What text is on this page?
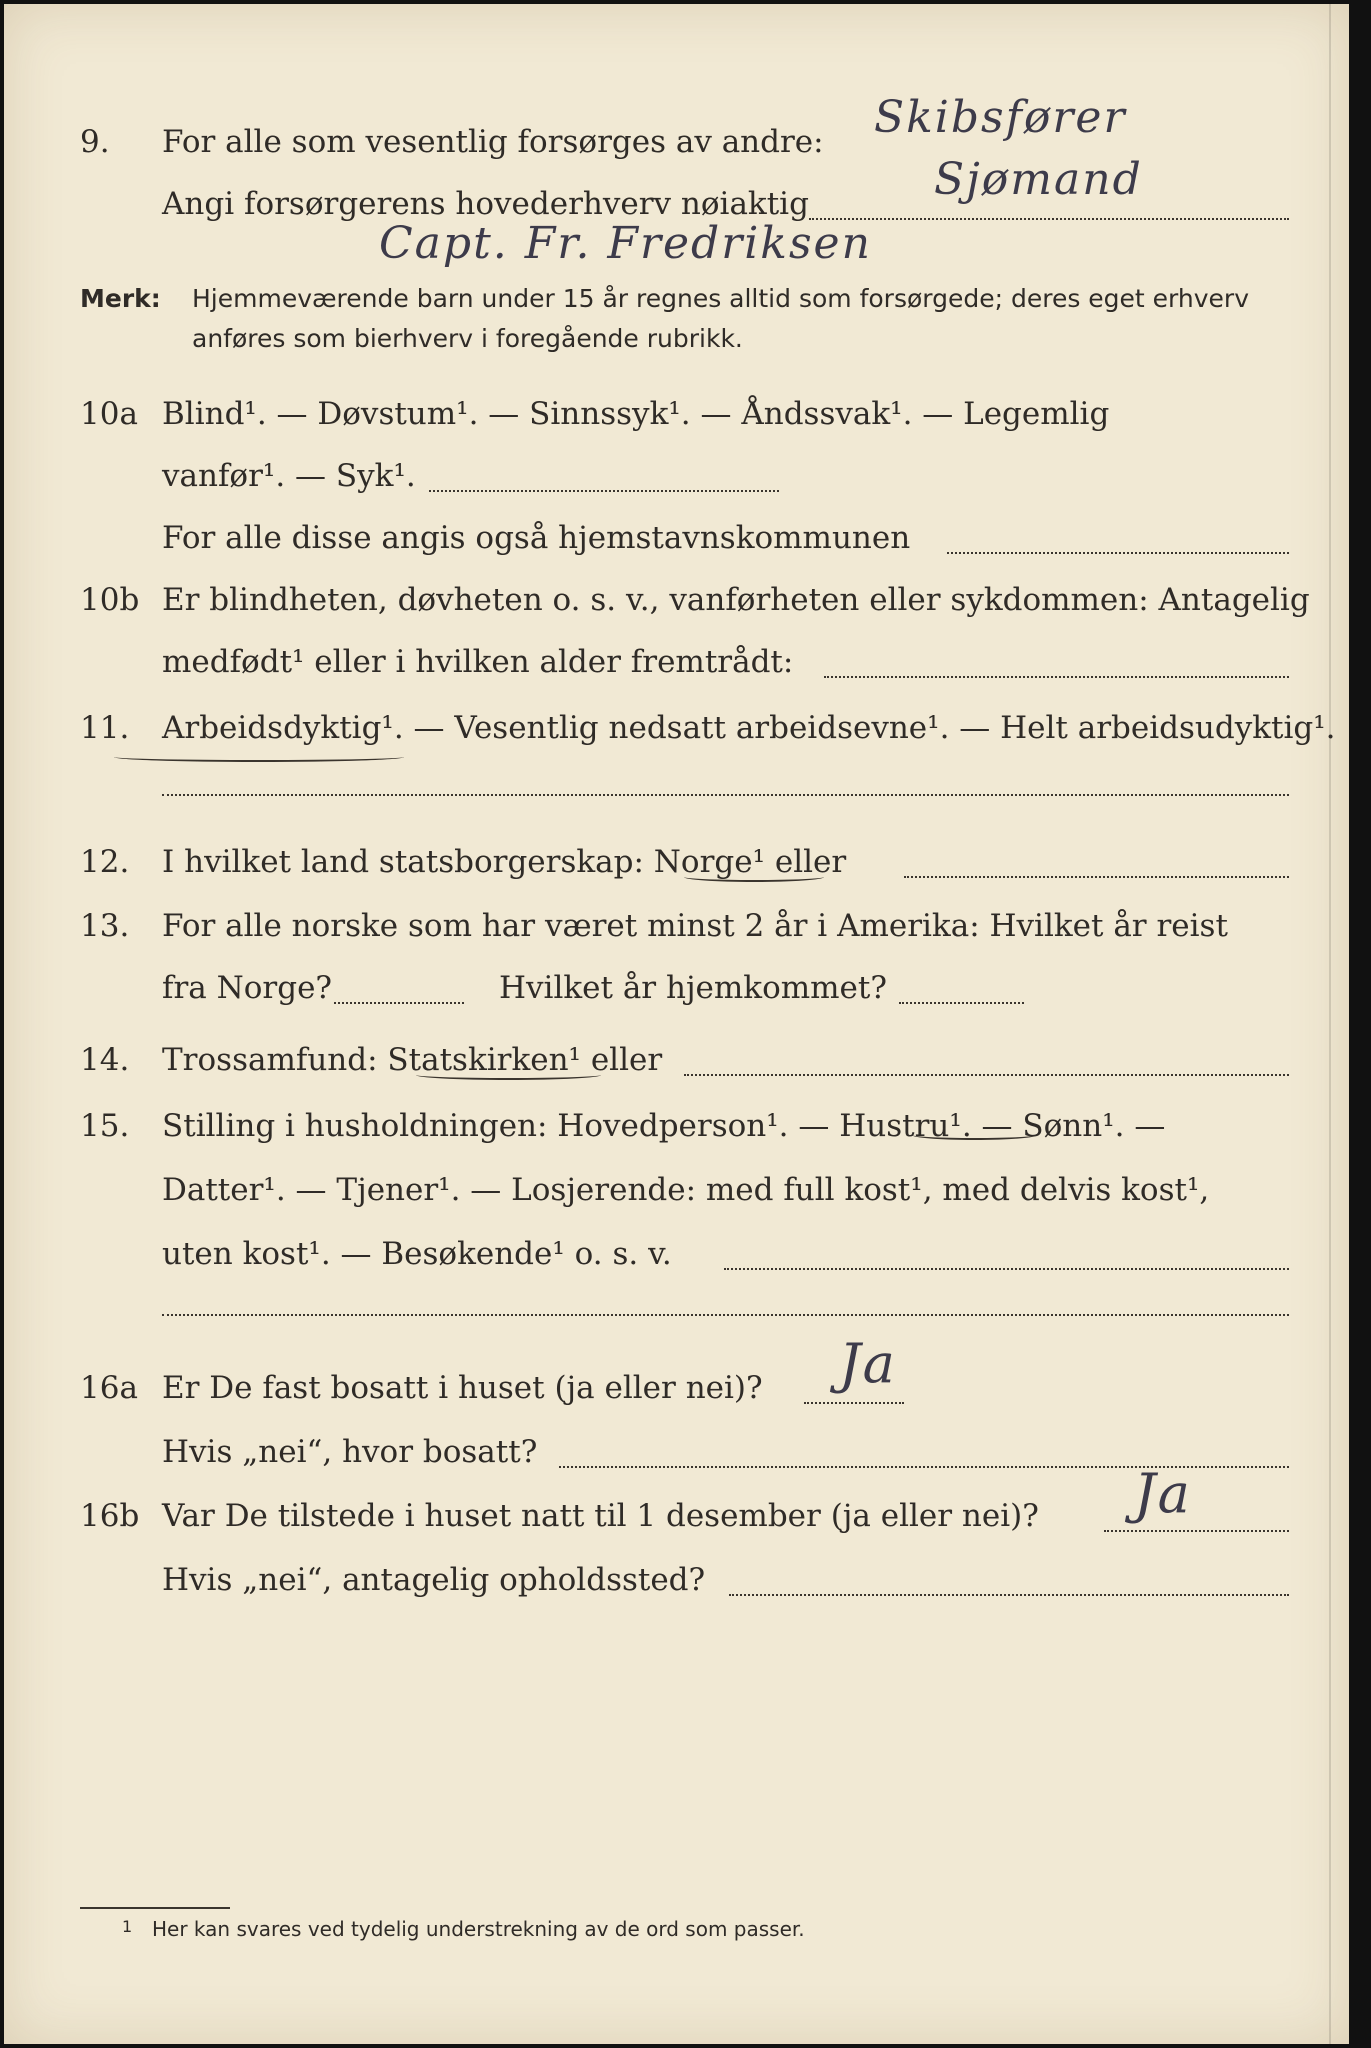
9. For alle som vesentlig forsørges av andre: Skibsfører
Angi forsørgerens hovederhverv nøiaktig	Sjømand
Capt. Fr. Fredriksen
Merk: Hjemmeværende barn under 15 år regnes alltid som forsørgede; deres eget erhverv
anføres som bierhverv i foregående rubrikk.
10a Blind¹. — Døvstum¹. — Sinnssyk¹. — Åndssvak¹. — Legemlig
vanfør¹. — Syk¹.
For alle disse angis også hjemstavnskommunen
10b Er blindheten, døvheten o. s. v., vanførheten eller sykdommen: Antagelig
medfødt¹ eller i hvilken alder fremtrådt:
11. Arbeidsdyktig¹. — Vesentlig nedsatt arbeidsevne¹. — Helt arbeidsudyktig¹.
12. I hvilket land statsborgerskap: Norge¹ eller
13. For alle norske som har været minst 2 år i Amerika: Hvilket år reist
fra Norge?	Hvilket år hjemkommet?
14. Trossamfund: Statskirken¹ eller
15. Stilling i husholdningen: Hovedperson¹. — Hustru¹. — Sønn¹. —
Datter¹. — Tjener¹. — Losjerende: med full kost¹, med delvis kost¹,
uten kost¹. — Besøkende¹ o. s. v.
16a Er De fast bosatt i huset (ja eller nei)? Ja
Hvis „nei“, hvor bosatt?
16b Var De tilstede i huset natt til 1 desember (ja eller nei)? Ja
Hvis „nei“, antagelig opholdssted?
1 Her kan svares ved tydelig understrekning av de ord som passer.
